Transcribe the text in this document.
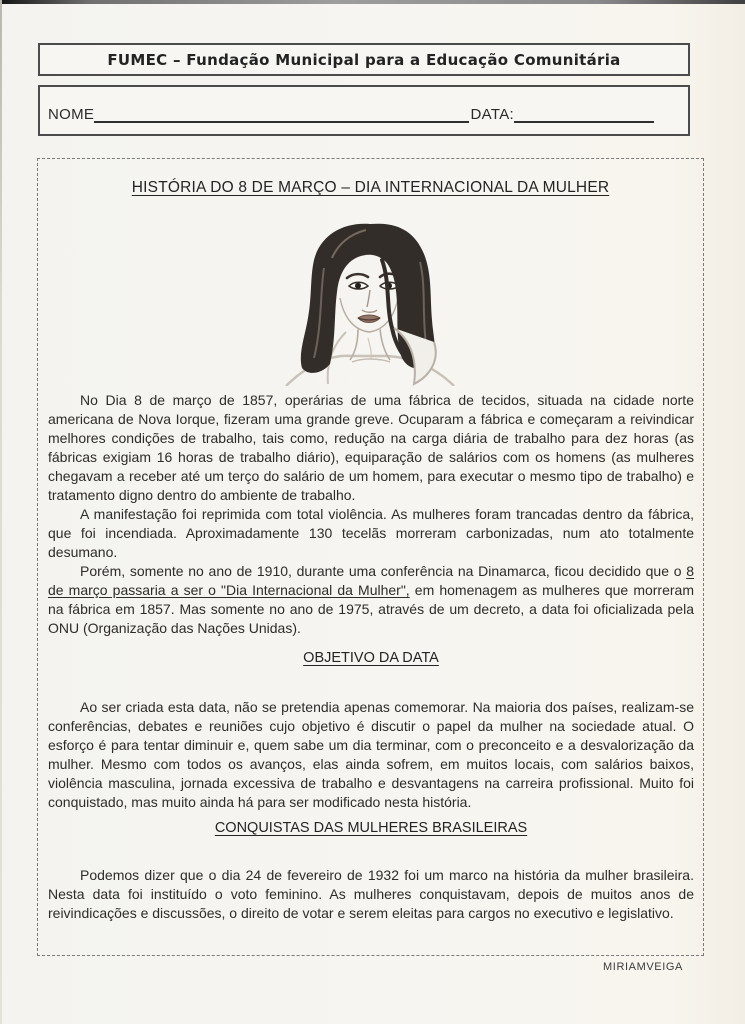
FUMEC – Fundação Municipal para a Educação Comunitária
NOME	DATA:
HISTÓRIA DO 8 DE MARÇO – DIA INTERNACIONAL DA MULHER

No Dia 8 de março de 1857, operárias de uma fábrica de tecidos, situada na cidade norte americana de Nova Iorque, fizeram uma grande greve. Ocuparam a fábrica e começaram a reivindicar melhores condições de trabalho, tais como, redução na carga diária de trabalho para dez horas (as fábricas exigiam 16 horas de trabalho diário), equiparação de salários com os homens (as mulheres chegavam a receber até um terço do salário de um homem, para executar o mesmo tipo de trabalho) e tratamento digno dentro do ambiente de trabalho.

A manifestação foi reprimida com total violência. As mulheres foram trancadas dentro da fábrica, que foi incendiada. Aproximadamente 130 tecelãs morreram carbonizadas, num ato totalmente desumano.

Porém, somente no ano de 1910, durante uma conferência na Dinamarca, ficou decidido que o 8 de março passaria a ser o "Dia Internacional da Mulher", em homenagem as mulheres que morreram na fábrica em 1857. Mas somente no ano de 1975, através de um decreto, a data foi oficializada pela ONU (Organização das Nações Unidas).

OBJETIVO DA DATA

Ao ser criada esta data, não se pretendia apenas comemorar. Na maioria dos países, realizam-se conferências, debates e reuniões cujo objetivo é discutir o papel da mulher na sociedade atual. O esforço é para tentar diminuir e, quem sabe um dia terminar, com o preconceito e a desvalorização da mulher. Mesmo com todos os avanços, elas ainda sofrem, em muitos locais, com salários baixos, violência masculina, jornada excessiva de trabalho e desvantagens na carreira profissional. Muito foi conquistado, mas muito ainda há para ser modificado nesta história.

CONQUISTAS DAS MULHERES BRASILEIRAS

Podemos dizer que o dia 24 de fevereiro de 1932 foi um marco na história da mulher brasileira. Nesta data foi instituído o voto feminino. As mulheres conquistavam, depois de muitos anos de reivindicações e discussões, o direito de votar e serem eleitas para cargos no executivo e legislativo.

MIRIAMVEIGA
